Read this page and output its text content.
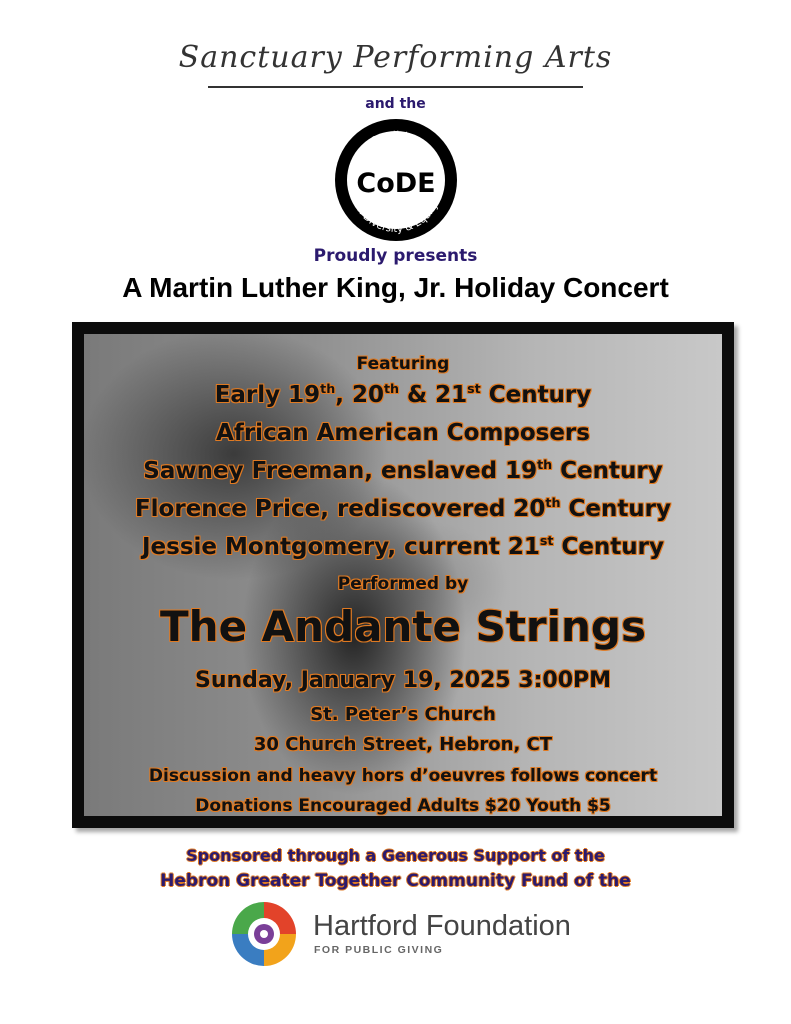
Sanctuary Performing Arts
and the
Coalition
on Diversity & Equity
CoDE
Proudly presents
A Martin Luther King, Jr. Holiday Concert
Featuring
Early 19th, 20th & 21st Century
African American Composers
Sawney Freeman, enslaved 19th Century
Florence Price, rediscovered 20th Century
Jessie Montgomery, current 21st Century
Performed by
The Andante Strings
Sunday, January 19, 2025 3:00PM
St. Peter’s Church
30 Church Street, Hebron, CT
Discussion and heavy hors d’oeuvres follows concert
Donations Encouraged Adults $20 Youth $5
Sponsored through a Generous Support of the
Hebron Greater Together Community Fund of the
Hartford Foundation
FOR PUBLIC GIVING
